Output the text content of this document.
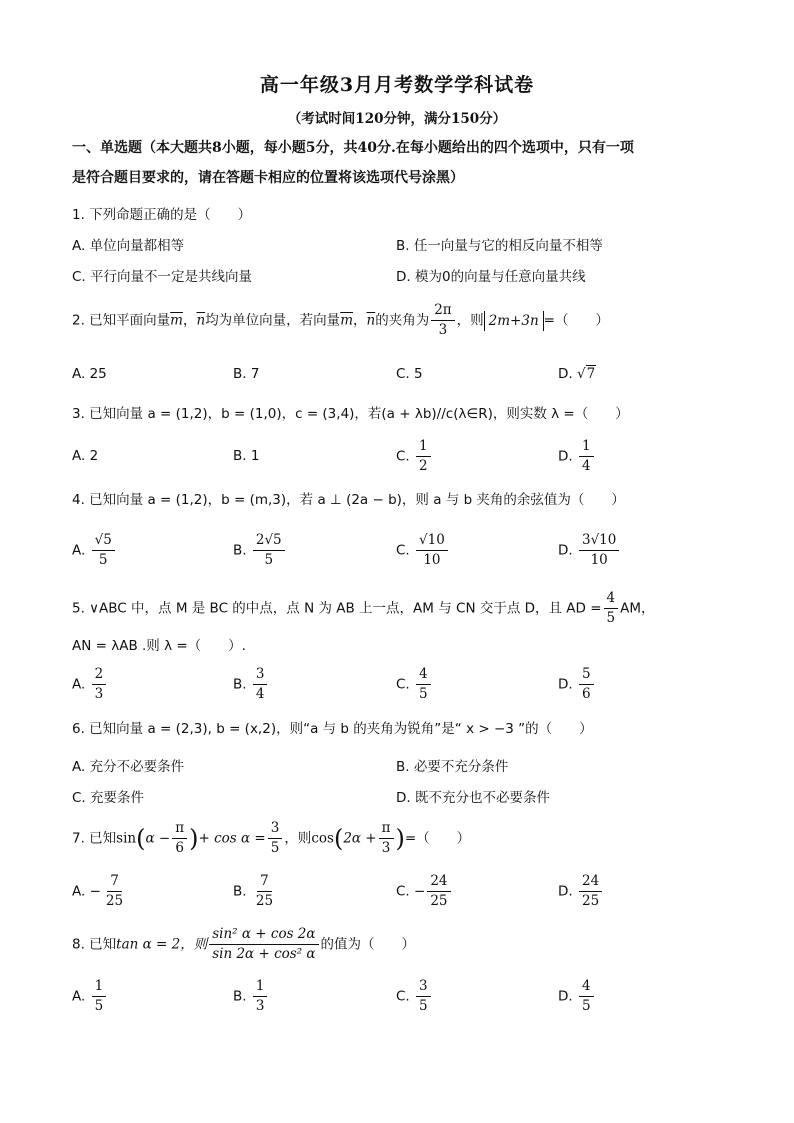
高一年级3月月考数学学科试卷
（考试时间120分钟，满分150分）
一、单选题（本大题共8小题，每小题5分，共40分.在每小题给出的四个选项中，只有一项
是符合题目要求的，请在答题卡相应的位置将该选项代号涂黑）
1. 下列命题正确的是（　　）
A. 单位向量都相等	B. 任一向量与它的相反向量不相等
C. 平行向量不一定是共线向量	D. 模为0的向量与任意向量共线
2. 已知平面向量$\overline{m}$，$\overline{n}$均为单位向量，若向量$\overline{m}$，$\overline{n}$的夹角为 $\frac{2\pi}{3}$ ，则 2m+3n =（　　）
A. 25	B. 7	C. 5	D. √7
3. 已知向量 a = (1,2)，b = (1,0)，c = (3,4)，若(a + λb)//c(λ∈R)，则实数 λ =（　　）
A. 2	B. 1	C. $\frac{1}{2}$	D. $\frac{1}{4}$
4. 已知向量 a = (1,2)，b = (m,3)，若 a ⊥ (2a − b)，则 a 与 b 夹角的余弦值为（　　）
A. $\frac{√5}{5}$	B. $\frac{2√5}{5}$	C. $\frac{√10}{10}$	D. $\frac{3√10}{10}$
5. ∨ABC 中，点 M 是 BC 的中点，点 N 为 AB 上一点，AM 与 CN 交于点 D，且 AD = $\frac{4}{5}$ AM，
AN = λAB .则 λ =（　　）.
A. $\frac{2}{3}$	B. $\frac{3}{4}$	C. $\frac{4}{5}$	D. $\frac{5}{6}$
6. 已知向量 a = (2,3), b = (x,2)，则“a 与 b 的夹角为锐角”是“ x > −3 ”的（　　）
A. 充分不必要条件	B. 必要不充分条件
C. 充要条件	D. 既不充分也不必要条件
7. 已知$\sin(\alpha - \frac{\pi}{6}$ )+ $\cos \alpha = \frac{3}{5}$ ，则$\cos(2\alpha + \frac{\pi}{3}$ )=（　　）
A. − $\frac{7}{25}$	B. $\frac{7}{25}$	C. − $\frac{24}{25}$	D. $\frac{24}{25}$
8. 已知tan α = 2，则 $\frac{\text{sin² α + cos 2α}}{\text{sin 2α + cos² α}}$ 的值为（　　）
A. $\frac{1}{5}$	B. $\frac{1}{3}$	C. $\frac{3}{5}$	D. $\frac{4}{5}$
